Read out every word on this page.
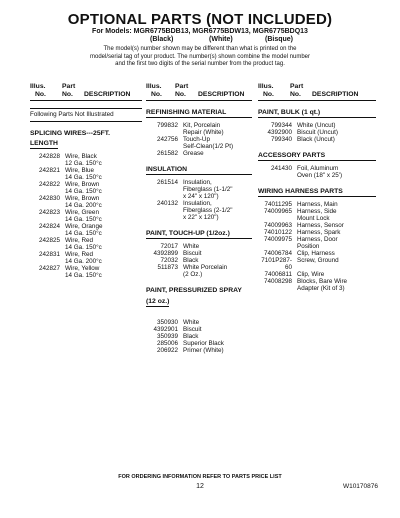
OPTIONAL PARTS (NOT INCLUDED)
For Models: MGR6775BDB13, MGR6775BDW13, MGR6775BDQ13
(Black)	(White)	(Bisque)
The model(s) number shown may be different than what is printed on the model/serial tag of your product. The number(s) shown combine the model number and the first two digits of the serial number from the product tag.
Illus.
No.
Part
No. DESCRIPTION
Following Parts Not Illustrated
SPLICING WIRES---25FT.
LENGTH
242828 Wire, Black
12 Ga. 150°c
242821 Wire, Blue
14 Ga. 150°c
242822 Wire, Brown
14 Ga. 150°c
242830 Wire, Brown
14 Ga. 200°c
242823 Wire, Green
14 Ga. 150°c
242824 Wire, Orange
14 Ga. 150°c
242825 Wire, Red
14 Ga. 150°c
242831 Wire, Red
14 Ga. 200°c
242827 Wire, Yellow
14 Ga. 150°c
Illus.
No.
Part
No. DESCRIPTION
REFINISHING MATERIAL
799832 Kit, Porcelain
Repair (White)
242756 Touch-Up
Self-Clean(1/2 Pt)
261582 Grease
INSULATION
261514 Insulation,
Fiberglass (1-1/2"
x 24" x 120")
240132 Insulation,
Fiberglass (2-1/2"
x 22" x 120")
PAINT, TOUCH-UP (1/2oz.)
72017 White
4392899 Biscuit
72032 Black
511873 White Porcelain
(2 Oz.)
PAINT, PRESSURIZED SPRAY
(12 oz.)
350930 White
4392901 Biscuit
350939 Black
285006 Superior Black
206922 Primer (White)
Illus.
No.
Part
No. DESCRIPTION
PAINT, BULK (1 qt.)
799344 White (Uncut)
4392900 Biscuit (Uncut)
799340 Black (Uncut)
ACCESSORY PARTS
241430 Foil, Aluminum
Oven (18" x 25')
WIRING HARNESS PARTS
74011295 Harness, Main
74009965 Harness, Side
Mount Lock
74009963 Harness, Sensor
74010122 Harness, Spark
74009975 Harness, Door
Position
74006784 Clip, Harness
7101P287-60
Screw, Ground
74006811 Clip, Wire
74008298 Blocks, Bare Wire
Adapter (Kit of 3)
FOR ORDERING INFORMATION REFER TO PARTS PRICE LIST
12	W10170876
